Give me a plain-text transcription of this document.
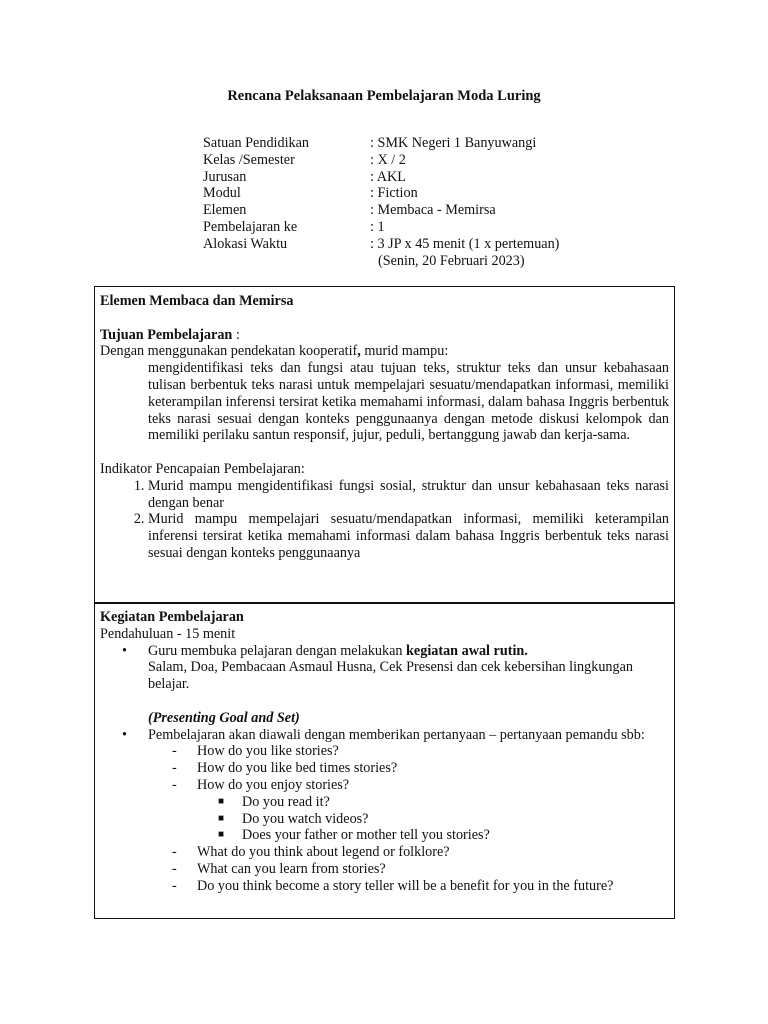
Rencana Pelaksanaan Pembelajaran Moda Luring
Satuan Pendidikan	: SMK Negeri 1 Banyuwangi
Kelas /Semester	: X / 2
Jurusan	: AKL
Modul	: Fiction
Elemen	: Membaca - Memirsa
Pembelajaran ke	: 1
Alokasi Waktu	: 3 JP x 45 menit (1 x pertemuan)
(Senin, 20 Februari 2023)
Elemen Membaca dan Memirsa
Tujuan Pembelajaran :
Dengan menggunakan pendekatan kooperatif, murid mampu:
mengidentifikasi teks dan fungsi atau tujuan teks, struktur teks dan unsur kebahasaan tulisan berbentuk teks narasi untuk mempelajari sesuatu/mendapatkan informasi, memiliki keterampilan inferensi tersirat ketika memahami informasi, dalam bahasa Inggris berbentuk teks narasi sesuai dengan konteks penggunaanya dengan metode diskusi kelompok dan memiliki perilaku santun responsif, jujur, peduli, bertanggung jawab dan kerja-sama.
Indikator Pencapaian Pembelajaran:
1. Murid mampu mengidentifikasi fungsi sosial, struktur dan unsur kebahasaan teks narasi dengan benar
2. Murid mampu mempelajari sesuatu/mendapatkan informasi, memiliki keterampilan inferensi tersirat ketika memahami informasi dalam bahasa Inggris berbentuk teks narasi sesuai dengan konteks penggunaanya
Kegiatan Pembelajaran
Pendahuluan - 15 menit
• Guru membuka pelajaran dengan melakukan kegiatan awal rutin.
Salam, Doa, Pembacaan Asmaul Husna, Cek Presensi dan cek kebersihan lingkungan belajar.
(Presenting Goal and Set)
• Pembelajaran akan diawali dengan memberikan pertanyaan – pertanyaan pemandu sbb:
- How do you like stories?
- How do you like bed times stories?
- How do you enjoy stories?
■ Do you read it?
■ Do you watch videos?
■ Does your father or mother tell you stories?
- What do you think about legend or folklore?
- What can you learn from stories?
- Do you think become a story teller will be a benefit for you in the future?
